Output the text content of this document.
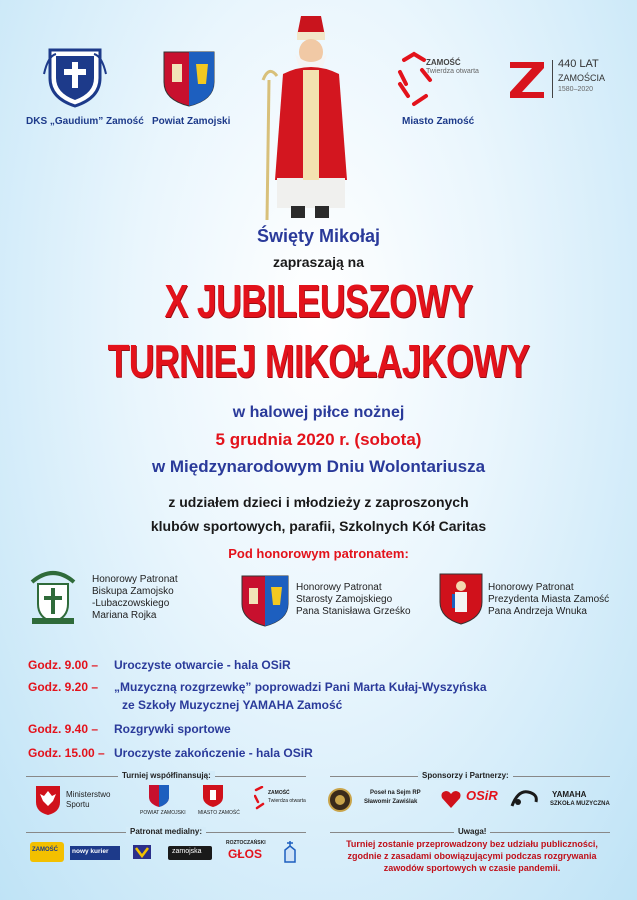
DKS „Gaudium” Zamość Powiat Zamojski
ZAMOŚĆ
Twierdza otwarta
Miasto Zamość
440 LAT
ZAMOŚCIA
1580–2020
Święty Mikołaj
zapraszają na
X JUBILEUSZOWY
TURNIEJ MIKOŁAJKOWY
w halowej piłce nożnej
5 grudnia 2020 r. (sobota)
w Międzynarodowym Dniu Wolontariusza
z udziałem dzieci i młodzieży z zaproszonych
klubów sportowych, parafii, Szkolnych Kół Caritas
Pod honorowym patronatem:
Honorowy Patronat
Biskupa Zamojsko
-Lubaczowskiego
Mariana Rojka
Honorowy Patronat
Starosty Zamojskiego
Pana Stanisława Grześko
Honorowy Patronat
Prezydenta Miasta Zamość
Pana Andrzeja Wnuka
Godz. 9.00 – Uroczyste otwarcie - hala OSiR
Godz. 9.20 – „Muzyczną rozgrzewkę” poprowadzi Pani Marta Kułaj-Wyszyńska
ze Szkoły Muzycznej YAMAHA Zamość
Godz. 9.40 – Rozgrywki sportowe
Godz. 15.00 – Uroczyste zakończenie - hala OSiR
Turniej współfinansują:	Sponsorzy i Partnerzy:
Ministerstwo
Sportu
POWIAT ZAMOJSKI MIASTO ZAMOŚĆ
ZAMOŚĆ
Twierdza otwarta
Poseł na Sejm RP
Sławomir Zawiślak	OSiR	YAMAHA
SZKOŁA MUZYCZNA
Patronat medialny:	Uwaga!
ZAMOŚĆ nowy kurier	zamojska
ROZTOCZAŃSKI
GŁOS
Turniej zostanie przeprowadzony bez udziału publiczności,
zgodnie z zasadami obowiązującymi podczas rozgrywania
zawodów sportowych w czasie pandemii.
